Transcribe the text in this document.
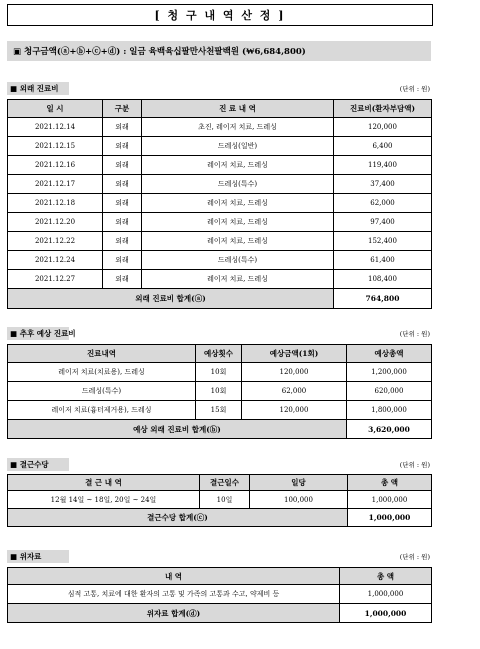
[ 청 구 내 역 산 정 ]
▣ 청구금액(ⓐ+ⓑ+ⓒ+ⓓ) : 일금 육백육십팔만사천팔백원 (₩6,684,800)
■ 외래 진료비	(단위 : 원)
일 시	구분	진 료 내 역	진료비(환자부담액)
2021.12.14	외래	초진, 레이저 치료, 드레싱	120,000
2021.12.15	외래	드레싱(일반)	6,400
2021.12.16	외래	레이저 치료, 드레싱	119,400
2021.12.17	외래	드레싱(특수)	37,400
2021.12.18	외래	레이저 치료, 드레싱	62,000
2021.12.20	외래	레이저 치료, 드레싱	97,400
2021.12.22	외래	레이저 치료, 드레싱	152,400
2021.12.24	외래	드레싱(특수)	61,400
2021.12.27	외래	레이저 치료, 드레싱	108,400
외래 진료비 합계(ⓐ)			764,800
■ 추후 예상 진료비	(단위 : 원)
진료내역	예상횟수	예상금액(1회)	예상총액
레이저 치료(치료용), 드레싱	10회	120,000	1,200,000
드레싱(특수)	10회	62,000	620,000
레이저 치료(흉터제거용), 드레싱	15회	120,000	1,800,000
예상 외래 진료비 합계(ⓑ)			3,620,000
■ 결근수당	(단위 : 원)
결 근 내 역	결근일수	일당	총 액
12월 14일 ~ 18일, 20일 ~ 24일	10일	100,000	1,000,000
결근수당 합계(ⓒ)			1,000,000
■ 위자료	(단위 : 원)
내 역	총 액
심적 고통, 치료에 대한 환자의 고통 및 가족의 고통과 수고, 약제비 등	1,000,000
위자료 합계(ⓓ)	1,000,000
